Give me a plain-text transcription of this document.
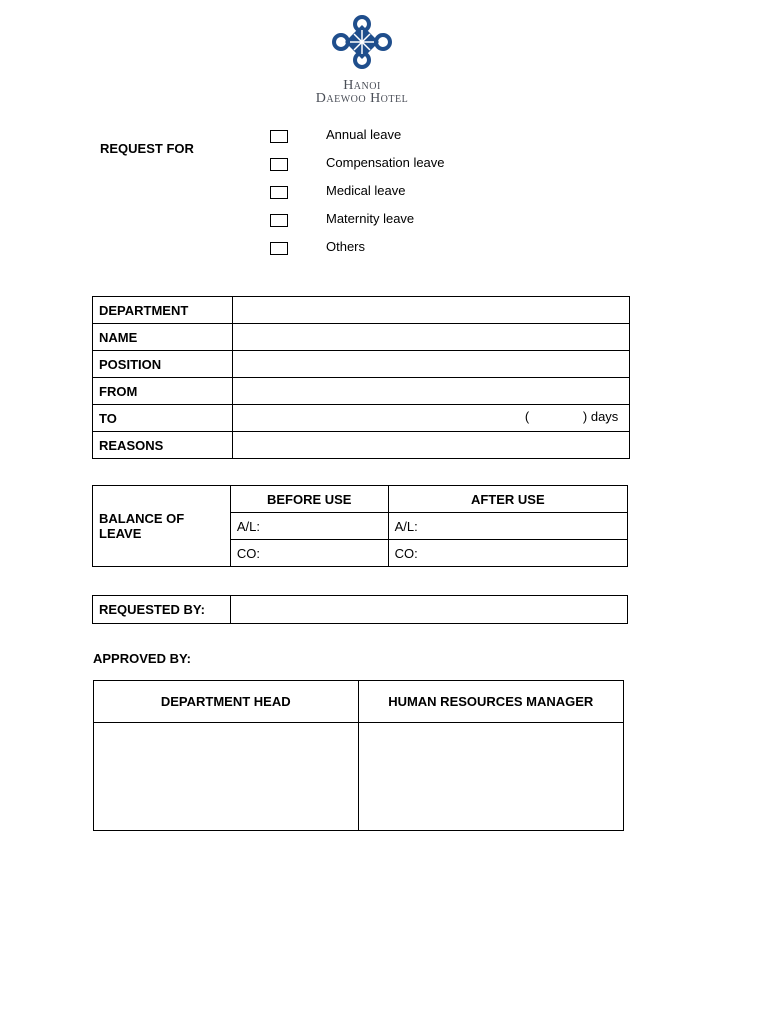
Hanoi
Daewoo Hotel
REQUEST FOR
Annual leave
Compensation leave
Medical leave
Maternity leave
Others
DEPARTMENT	
NAME	
POSITION	
FROM	
TO	( ) days

REASONS	
BALANCE OF LEAVE	BEFORE USE	AFTER USE
	A/L:	A/L:
	CO:	CO:
REQUESTED BY:	
APPROVED BY:
DEPARTMENT HEAD	HUMAN RESOURCES MANAGER
